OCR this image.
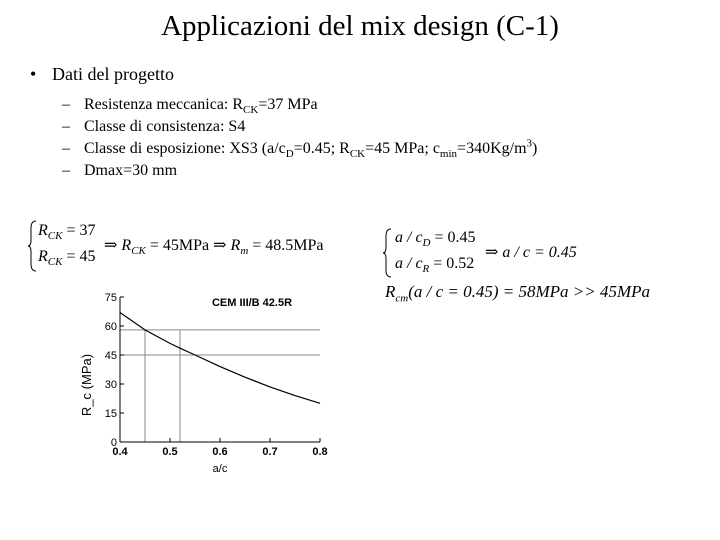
Applicazioni del mix design (C-1)
• Dati del progetto
– Resistenza meccanica: $R_{CK}=37$ MPa
– Classe di consistenza: S4
– Classe di esposizione: XS3 ($a/c_D=0.45$; $R_{CK}=45$ MPa; $c_{min}=340Kg/m^3$)
– Dmax=30 mm
$R_{CK} = 37$
$R_{CK} = 45$
⇒ $R_{CK} = 45MPa$ ⇒ $R_m = 48.5MPa$	$a / c_D = 0.45$
$a / c_R = 0.52$
⇒ a / c = 0.45
$R_{cm}(a / c = 0.45) = 58MPa >> 45MPa$
0
15
30
45
60
75
0.4	0.5	0.6	0.7	0.8
CEM III/B 42.5R
a/c
R_c (MPa)
